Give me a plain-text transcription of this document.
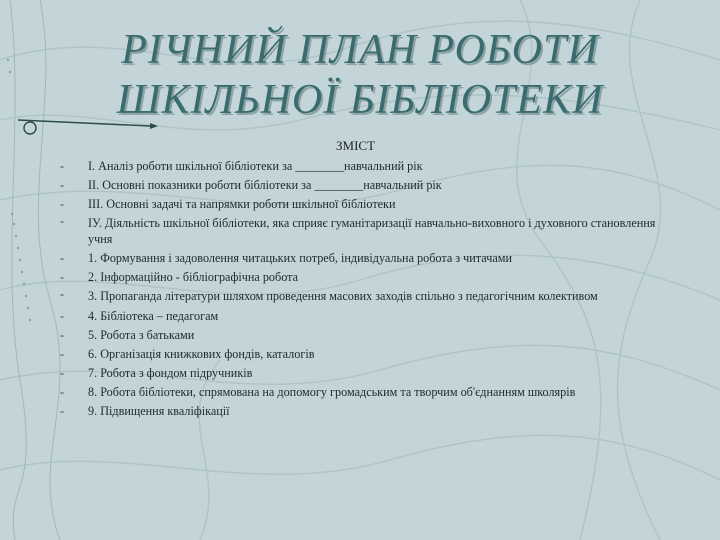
РІЧНИЙ ПЛАН РОБОТИ
ШКІЛЬНОЇ БІБЛІОТЕКИ
ЗМІСТ
- І. Аналіз роботи шкільної бібліотеки за ________навчальний рік
- ІІ. Основні показники роботи бібліотеки за ________навчальний рік
- ІІІ. Основні задачі та напрямки роботи шкільної бібліотеки
- ІУ. Діяльність шкільної бібліотеки, яка сприяє гуманітаризації навчально-виховного і духовного становлення учня
- 1. Формування і задоволення читацьких потреб, індивідуальна робота з читачами
- 2. Інформаційно - бібліографічна робота
- 3. Пропаганда літератури шляхом проведення масових заходів спільно з педагогічним колективом
- 4. Бібліотека – педагогам
- 5. Робота з батьками
- 6. Організація книжкових фондів, каталогів
- 7. Робота з фондом підручників
- 8. Робота бібліотеки, спрямована на допомогу громадським та творчим об'єднанням школярів
- 9. Підвищення кваліфікації
